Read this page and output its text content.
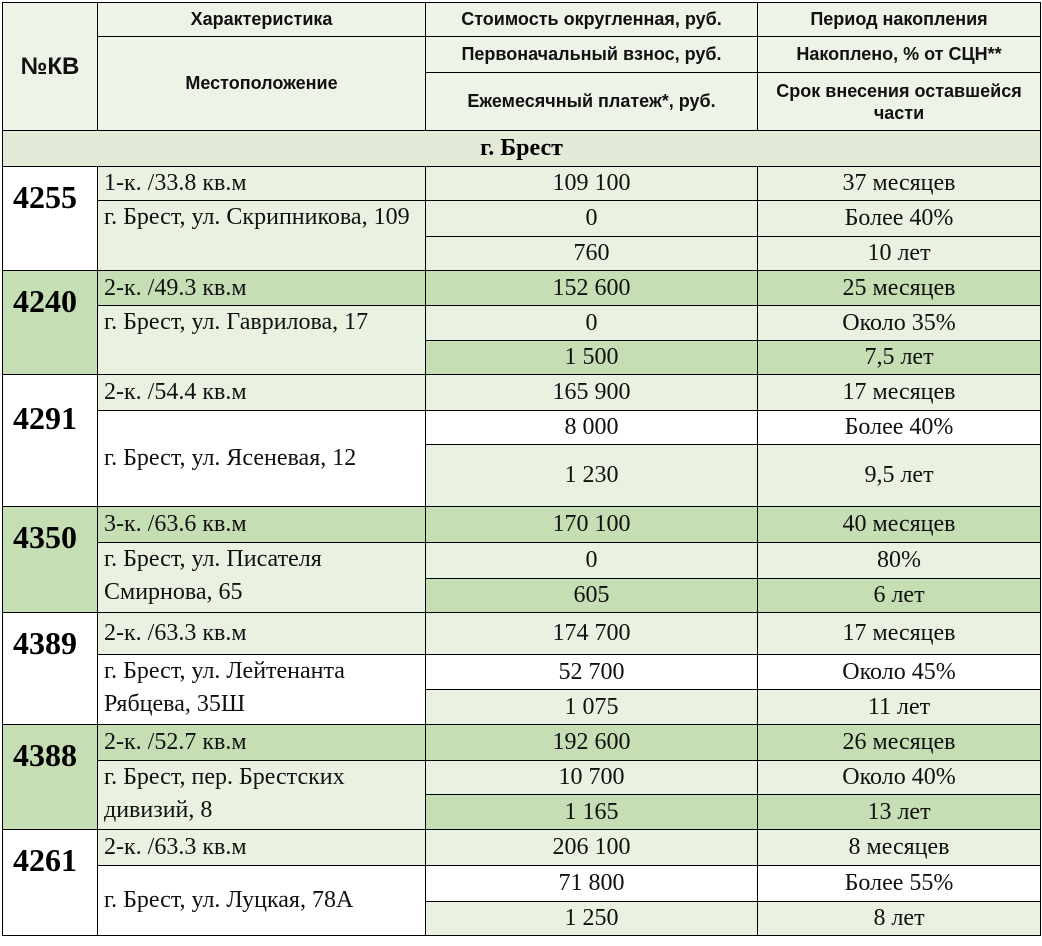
№КВ	Характеристика	Стоимость округленная, руб.	Период накопления
	Местоположение	Первоначальный взнос, руб.	Накоплено, % от СЦН**
		Ежемесячный платеж*, руб.	Срок внесения оставшейся части
г. Брест			
4255	1-к. /33.8 кв.м	109 100	37 месяцев
	г. Брест, ул. Скрипникова, 109	0	Более 40%
		760	10 лет
4240	2-к. /49.3 кв.м	152 600	25 месяцев
	г. Брест, ул. Гаврилова, 17	0	Около 35%
		1 500	7,5 лет
4291	2-к. /54.4 кв.м	165 900	17 месяцев
	г. Брест, ул. Ясеневая, 12	8 000	Более 40%
		1 230	9,5 лет
4350	3-к. /63.6 кв.м	170 100	40 месяцев
	г. Брест, ул. Писателя Смирнова, 65	0	80%
		605	6 лет
4389	2-к. /63.3 кв.м	174 700	17 месяцев
	г. Брест, ул. Лейтенанта Рябцева, 35Ш	52 700	Около 45%
		1 075	11 лет
4388	2-к. /52.7 кв.м	192 600	26 месяцев
	г. Брест, пер. Брестских дивизий, 8	10 700	Около 40%
		1 165	13 лет
4261	2-к. /63.3 кв.м	206 100	8 месяцев
	г. Брест, ул. Луцкая, 78А	71 800	Более 55%
		1 250	8 лет
